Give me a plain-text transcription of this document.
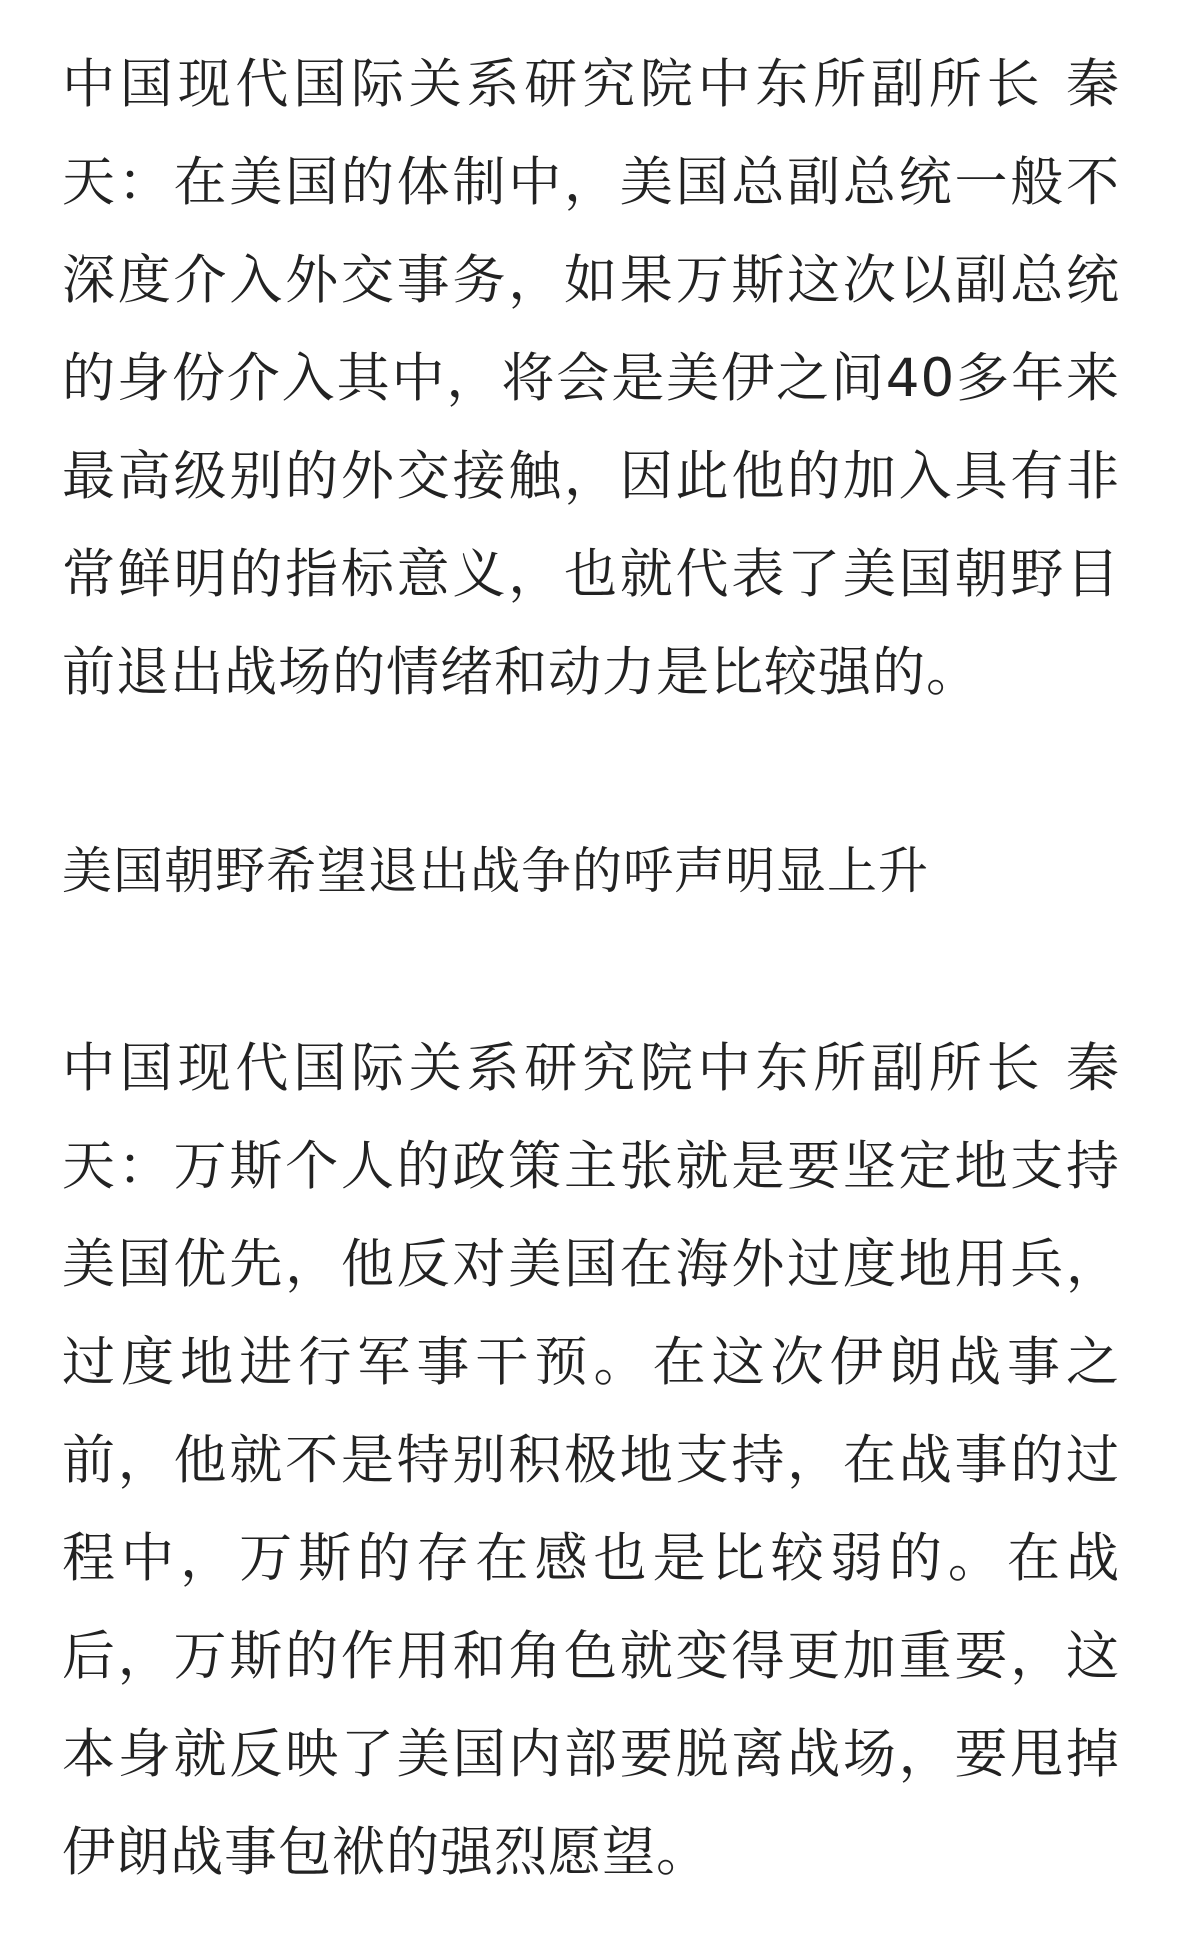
中国现代国际关系研究院中东所副所长 秦天：在美国的体制中，美国总副总统一般不深度介入外交事务，如果万斯这次以副总统的身份介入其中，将会是美伊之间40多年来最高级别的外交接触，因此他的加入具有非常鲜明的指标意义，也就代表了美国朝野目前退出战场的情绪和动力是比较强的。

美国朝野希望退出战争的呼声明显上升

中国现代国际关系研究院中东所副所长 秦天：万斯个人的政策主张就是要坚定地支持美国优先，他反对美国在海外过度地用兵，过度地进行军事干预。在这次伊朗战事之前，他就不是特别积极地支持，在战事的过程中，万斯的存在感也是比较弱的。在战后，万斯的作用和角色就变得更加重要，这本身就反映了美国内部要脱离战场，要甩掉伊朗战事包袱的强烈愿望。
